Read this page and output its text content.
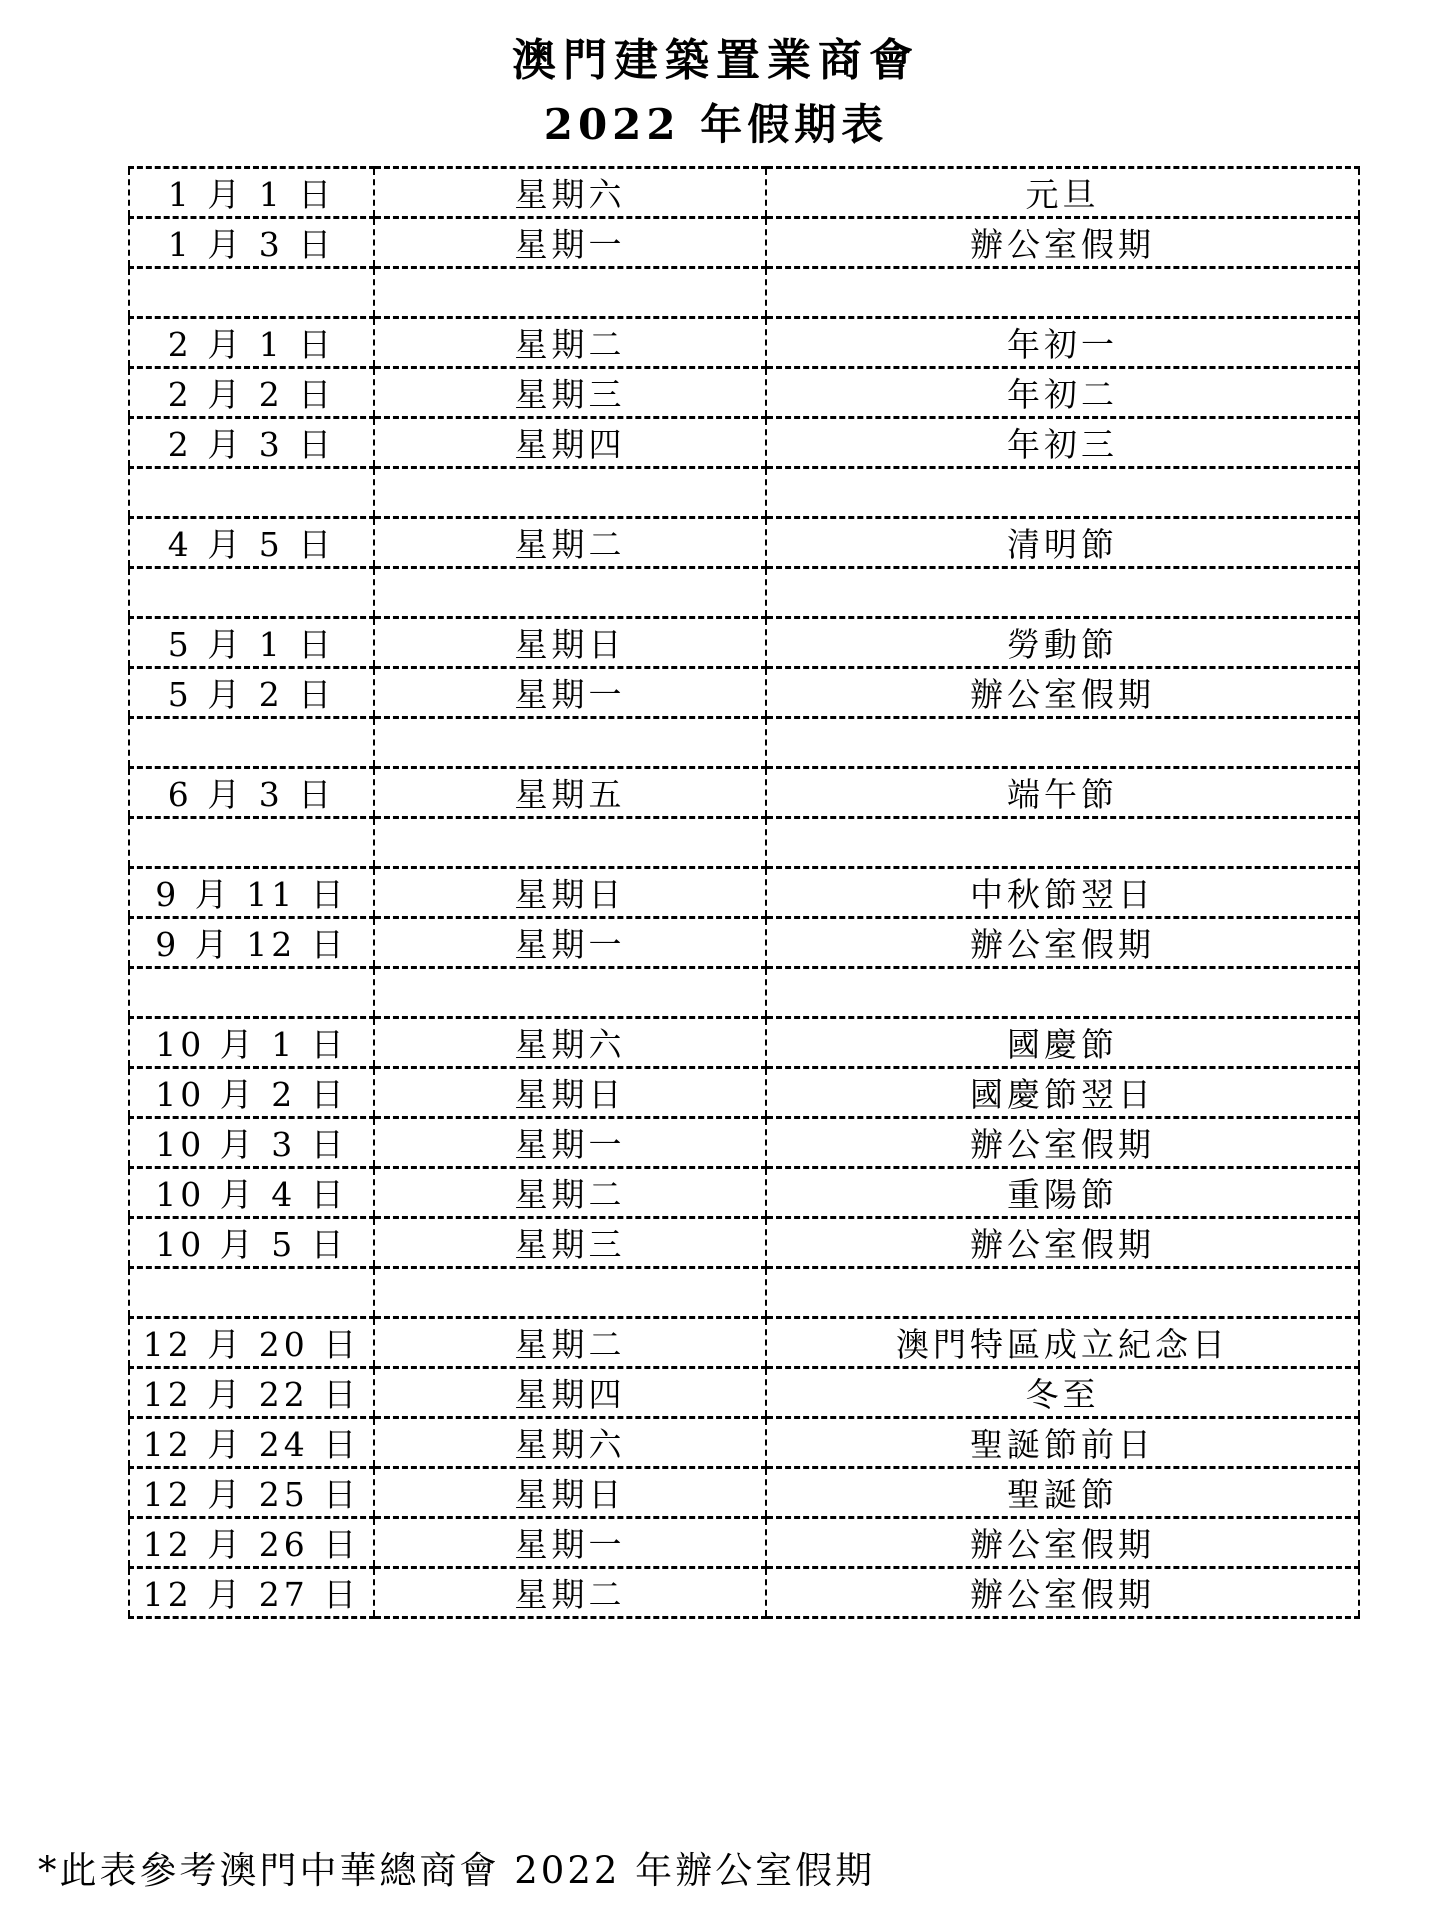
澳門建築置業商會
2022 年假期表
1 月 1 日	星期六	元旦
1 月 3 日	星期一	辦公室假期

2 月 1 日	星期二	年初一
2 月 2 日	星期三	年初二
2 月 3 日	星期四	年初三

4 月 5 日	星期二	清明節

5 月 1 日	星期日	勞動節
5 月 2 日	星期一	辦公室假期

6 月 3 日	星期五	端午節

9 月 11 日	星期日	中秋節翌日
9 月 12 日	星期一	辦公室假期

10 月 1 日	星期六	國慶節
10 月 2 日	星期日	國慶節翌日
10 月 3 日	星期一	辦公室假期
10 月 4 日	星期二	重陽節
10 月 5 日	星期三	辦公室假期

12 月 20 日	星期二	澳門特區成立紀念日
12 月 22 日	星期四	冬至
12 月 24 日	星期六	聖誕節前日
12 月 25 日	星期日	聖誕節
12 月 26 日	星期一	辦公室假期
12 月 27 日	星期二	辦公室假期
*此表參考澳門中華總商會 2022 年辦公室假期
